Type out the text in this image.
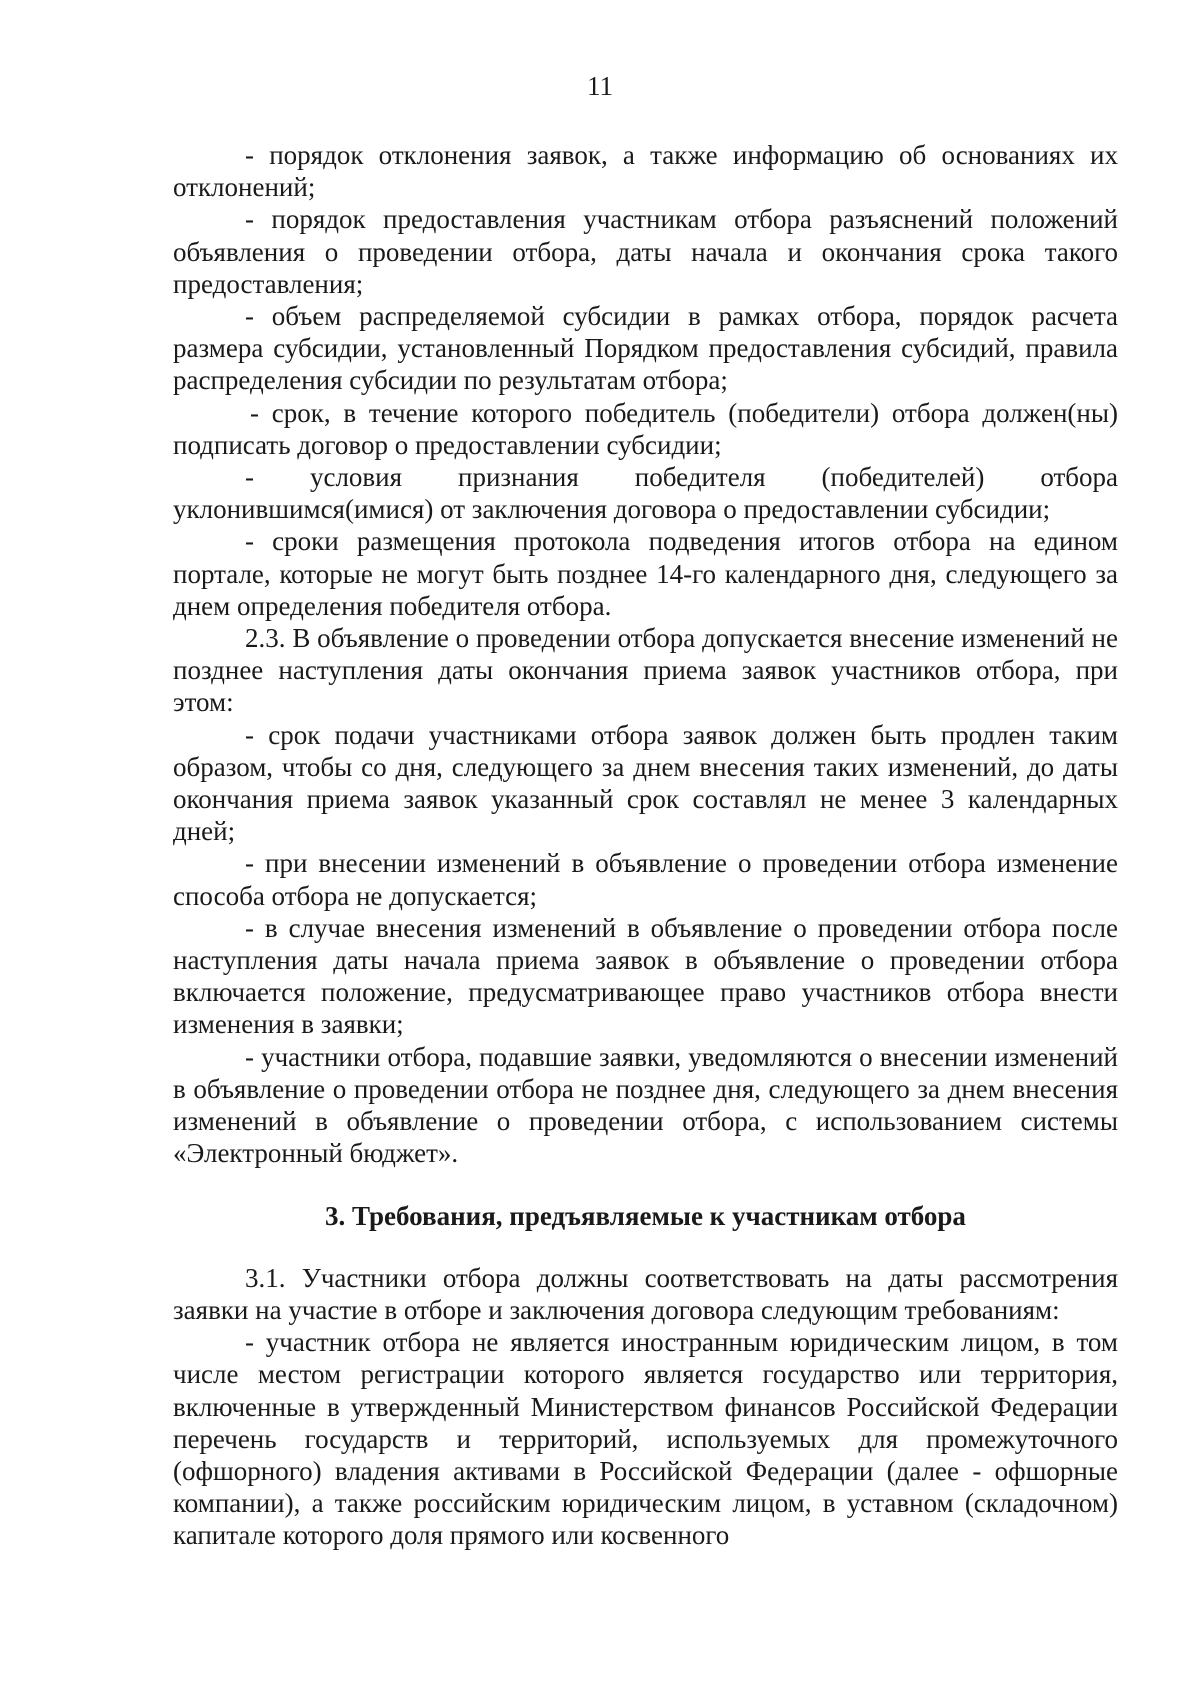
11

- порядок отклонения заявок, а также информацию об основаниях их отклонений;

- порядок предоставления участникам отбора разъяснений положений объявления о проведении отбора, даты начала и окончания срока такого предоставления;

- объем распределяемой субсидии в рамках отбора, порядок расчета размера субсидии, установленный Порядком предоставления субсидий, правила распределения субсидии по результатам отбора;

- срок, в течение которого победитель (победители) отбора должен(ны) подписать договор о предоставлении субсидии;

- условия признания победителя (победителей) отбора уклонившимся(имися) от заключения договора о предоставлении субсидии;

- сроки размещения протокола подведения итогов отбора на едином портале, которые не могут быть позднее 14-го календарного дня, следующего за днем определения победителя отбора.

2.3. В объявление о проведении отбора допускается внесение изменений не позднее наступления даты окончания приема заявок участников отбора, при этом:

- срок подачи участниками отбора заявок должен быть продлен таким образом, чтобы со дня, следующего за днем внесения таких изменений, до даты окончания приема заявок указанный срок составлял не менее 3 календарных дней;

- при внесении изменений в объявление о проведении отбора изменение способа отбора не допускается;

- в случае внесения изменений в объявление о проведении отбора после наступления даты начала приема заявок в объявление о проведении отбора включается положение, предусматривающее право участников отбора внести изменения в заявки;

- участники отбора, подавшие заявки, уведомляются о внесении изменений в объявление о проведении отбора не позднее дня, следующего за днем внесения изменений в объявление о проведении отбора, с использованием системы «Электронный бюджет».

3. Требования, предъявляемые к участникам отбора

3.1. Участники отбора должны соответствовать на даты рассмотрения заявки на участие в отборе и заключения договора следующим требованиям:

- участник отбора не является иностранным юридическим лицом, в том числе местом регистрации которого является государство или территория, включенные в утвержденный Министерством финансов Российской Федерации перечень государств и территорий, используемых для промежуточного (офшорного) владения активами в Российской Федерации (далее - офшорные компании), а также российским юридическим лицом, в уставном (складочном) капитале которого доля прямого или косвенного
